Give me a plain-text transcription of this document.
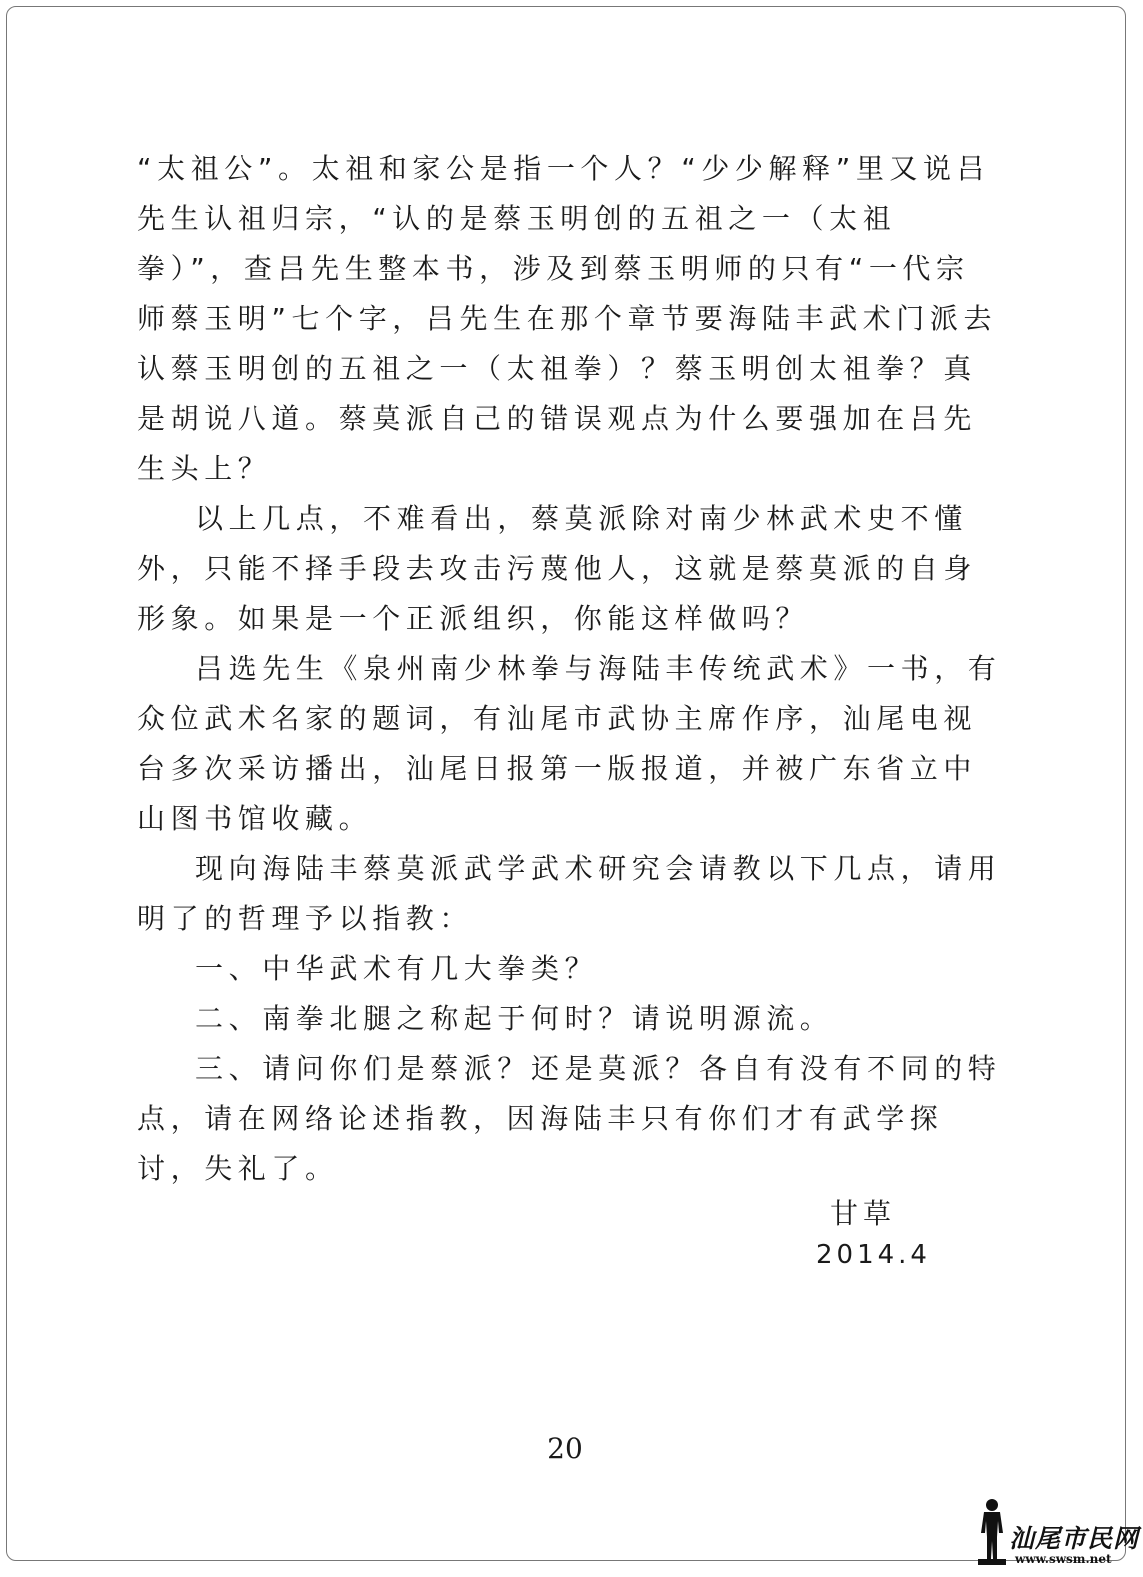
“太祖公”。太祖和家公是指一个人？“少少解释”里又说吕先生认祖归宗，“认的是蔡玉明创的五祖之一（太祖拳）”，查吕先生整本书，涉及到蔡玉明师的只有“一代宗师蔡玉明”七个字，吕先生在那个章节要海陆丰武术门派去认蔡玉明创的五祖之一（太祖拳）？蔡玉明创太祖拳？真是胡说八道。蔡莫派自己的错误观点为什么要强加在吕先生头上？

以上几点，不难看出，蔡莫派除对南少林武术史不懂外，只能不择手段去攻击污蔑他人，这就是蔡莫派的自身形象。如果是一个正派组织，你能这样做吗？

吕选先生《泉州南少林拳与海陆丰传统武术》一书，有众位武术名家的题词，有汕尾市武协主席作序，汕尾电视台多次采访播出，汕尾日报第一版报道，并被广东省立中山图书馆收藏。

现向海陆丰蔡莫派武学武术研究会请教以下几点，请用明了的哲理予以指教：

一、中华武术有几大拳类？

二、南拳北腿之称起于何时？请说明源流。

三、请问你们是蔡派？还是莫派？各自有没有不同的特点，请在网络论述指教，因海陆丰只有你们才有武学探讨，失礼了。

甘草
2014.4
20
汕尾市民网
www.swsm.net
